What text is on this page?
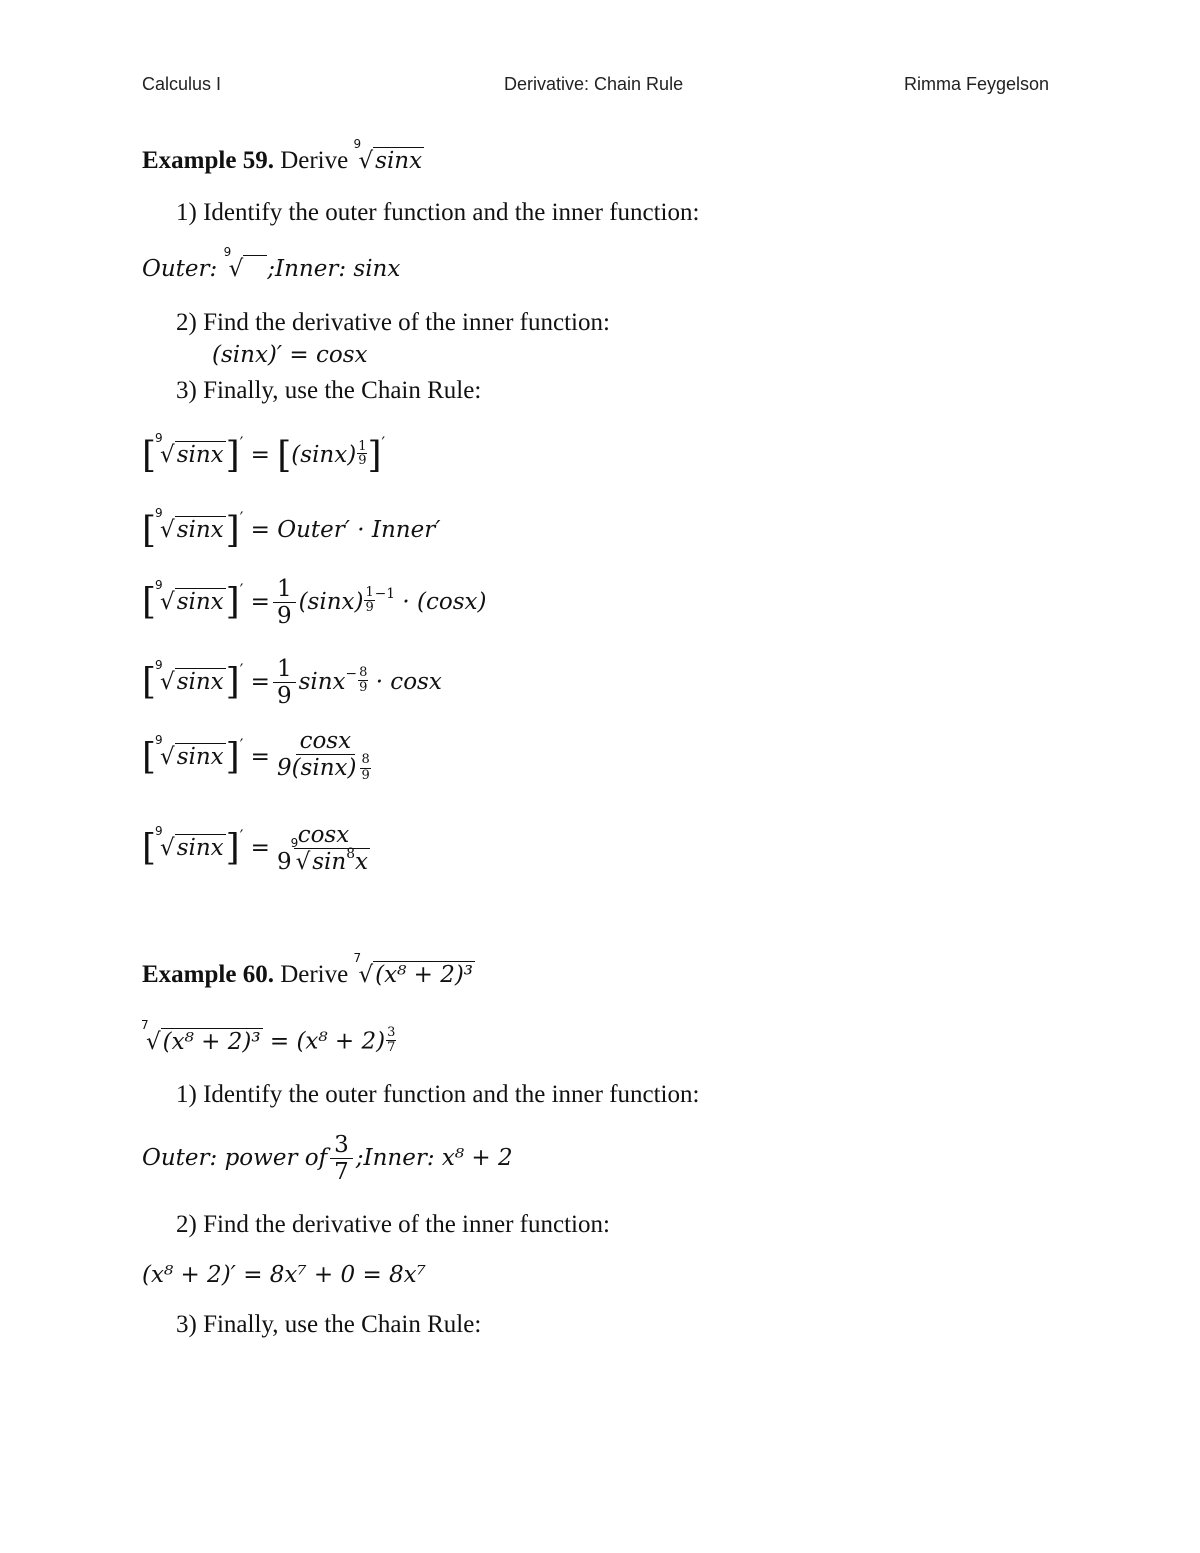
Calculus I	Derivative: Chain Rule	Rimma Feygelson
Example 59. Derive
9
√sinx
1) Identify the outer function and the inner function:
Outer:
9
√ ;Inner: sinx
2) Find the derivative of the inner function:
(sinx)′ = cosx
3) Finally, use the Chain Rule:
[ 9
$√\sin x]' = [(\sin x) \frac{1}{9} ]'$
[ 9
√sinx]′ = Outer′ · Inner′
[ 9
$√\sin x]' = \frac{1}{9} (\sin x) \frac{1}{9} ^{-1} \cdot (\cos x)$
[ 9
$√\sin x]' = \frac{1}{9} \sin x^- \frac{8}{9} \cdot \cos x$
[ 9
$√\sin x]' = \frac{\cos x}{9(\sin x) \frac{8}{9}}$
[ 9
√sinx]′ = cosx
9
9
$√\sin^8x$
Example 60. Derive
7
√(x⁸ + 2)³
7
$√(x^8 + 2)^3 = (x^8 + 2) \frac{3}{7}$
1) Identify the outer function and the inner function:
Outer: power of $\frac{3}{7}$ ;Inner: x⁸ + 2
2) Find the derivative of the inner function:
(x⁸ + 2)′ = 8x⁷ + 0 = 8x⁷
3) Finally, use the Chain Rule:
